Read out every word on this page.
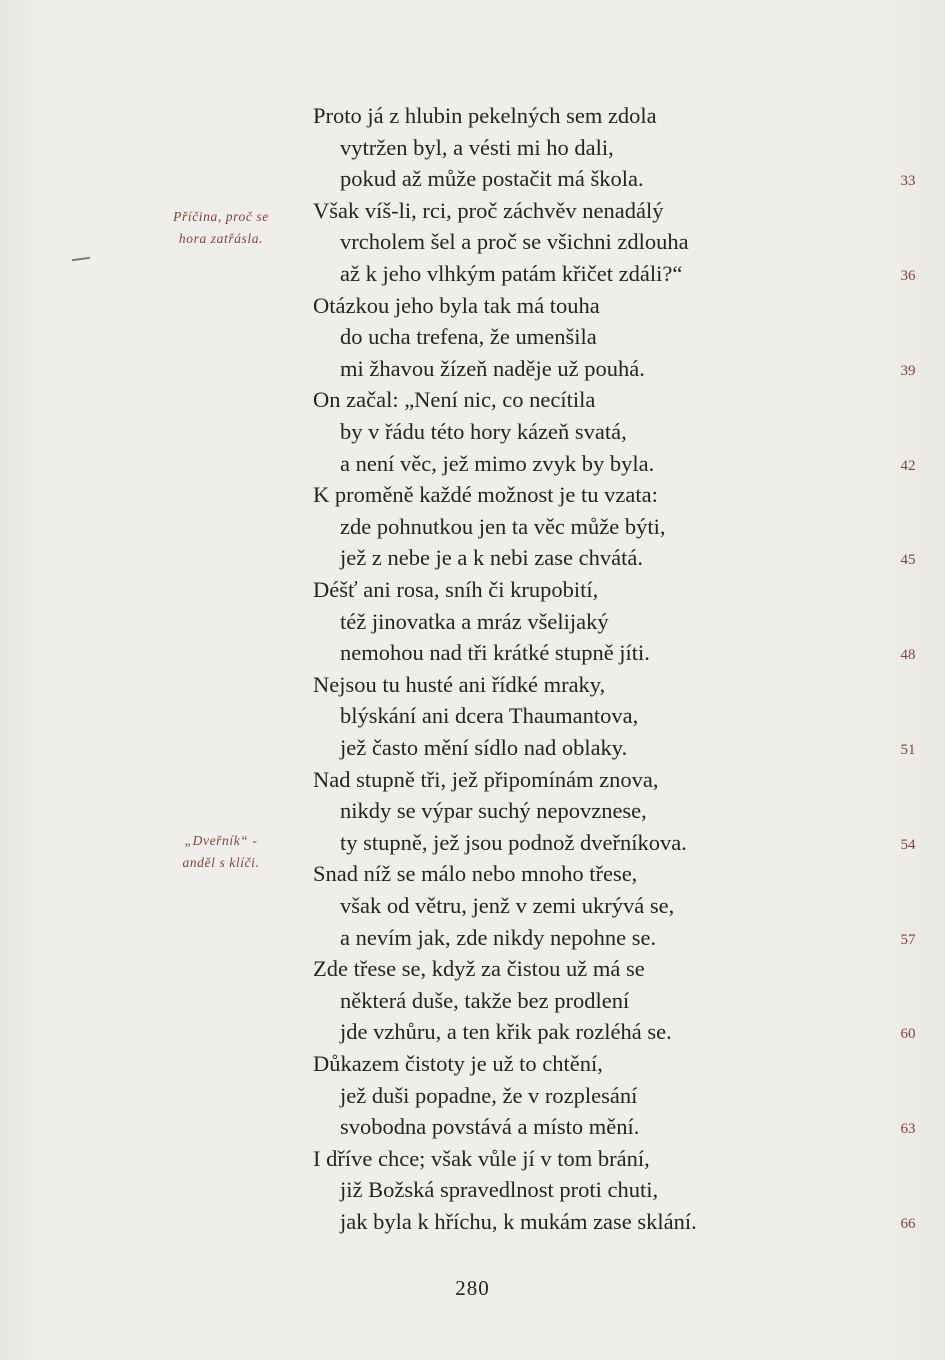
Příčina, proč se
hora zatřásla.
„Dveřník“ -
anděl s klíči.
Proto já z hlubin pekelných sem zdola
vytržen byl, a vésti mi ho dali,
pokud až může postačit má škola.
Však víš-li, rci, proč záchvěv nenadálý
vrcholem šel a proč se všichni zdlouha
až k jeho vlhkým patám křičet zdáli?“
Otázkou jeho byla tak má touha
do ucha trefena, že umenšila
mi žhavou žízeň naděje už pouhá.
On začal: „Není nic, co necítila
by v řádu této hory kázeň svatá,
a není věc, jež mimo zvyk by byla.
K proměně každé možnost je tu vzata:
zde pohnutkou jen ta věc může býti,
jež z nebe je a k nebi zase chvátá.
Déšť ani rosa, sníh či krupobití,
též jinovatka a mráz všelijaký
nemohou nad tři krátké stupně jíti.
Nejsou tu husté ani řídké mraky,
blýskání ani dcera Thaumantova,
jež často mění sídlo nad oblaky.
Nad stupně tři, jež připomínám znova,
nikdy se výpar suchý nepovznese,
ty stupně, jež jsou podnož dveřníkova.
Snad níž se málo nebo mnoho třese,
však od větru, jenž v zemi ukrývá se,
a nevím jak, zde nikdy nepohne se.
Zde třese se, když za čistou už má se
některá duše, takže bez prodlení
jde vzhůru, a ten křik pak rozléhá se.
Důkazem čistoty je už to chtění,
jež duši popadne, že v rozplesání
svobodna povstává a místo mění.
I dříve chce; však vůle jí v tom brání,
již Božská spravedlnost proti chuti,
jak byla k hříchu, k mukám zase sklání.
33
36
39
42
45
48
51
54
57
60
63
66
280
